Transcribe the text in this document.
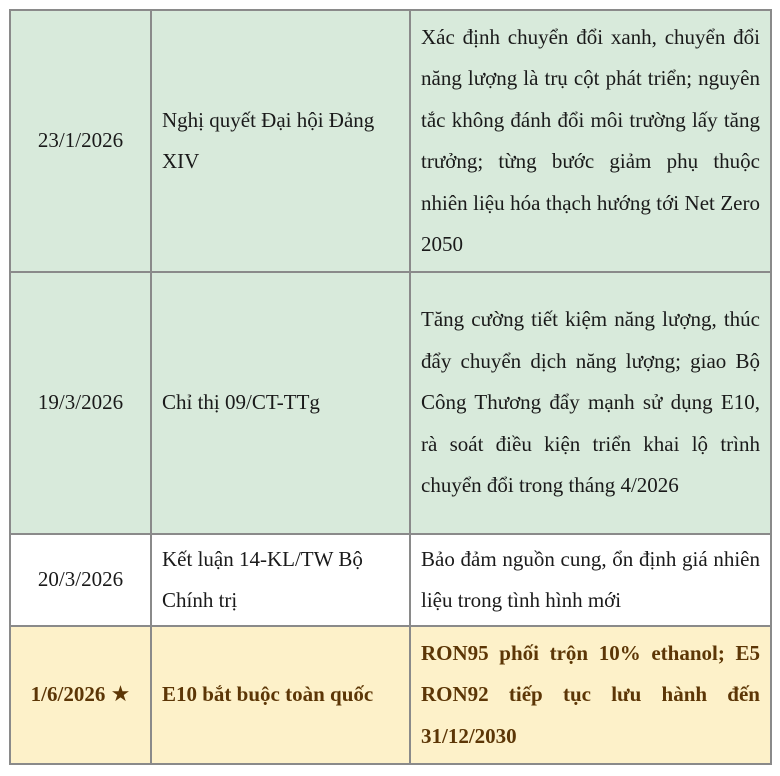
23/1/2026	Nghị quyết Đại hội Đảng XIV	Xác định chuyển đổi xanh, chuyển đổi năng lượng là trụ cột phát triển; nguyên tắc không đánh đổi môi trường lấy tăng trưởng; từng bước giảm phụ thuộc nhiên liệu hóa thạch hướng tới Net Zero 2050
19/3/2026	Chỉ thị 09/CT-TTg	Tăng cường tiết kiệm năng lượng, thúc đẩy chuyển dịch năng lượng; giao Bộ Công Thương đẩy mạnh sử dụng E10, rà soát điều kiện triển khai lộ trình chuyển đổi trong tháng 4/2026
20/3/2026	Kết luận 14-KL/TW Bộ Chính trị	Bảo đảm nguồn cung, ổn định giá nhiên liệu trong tình hình mới
1/6/2026 ★	E10 bắt buộc toàn quốc	RON95 phối trộn 10% ethanol; E5 RON92 tiếp tục lưu hành đến 31/12/2030
